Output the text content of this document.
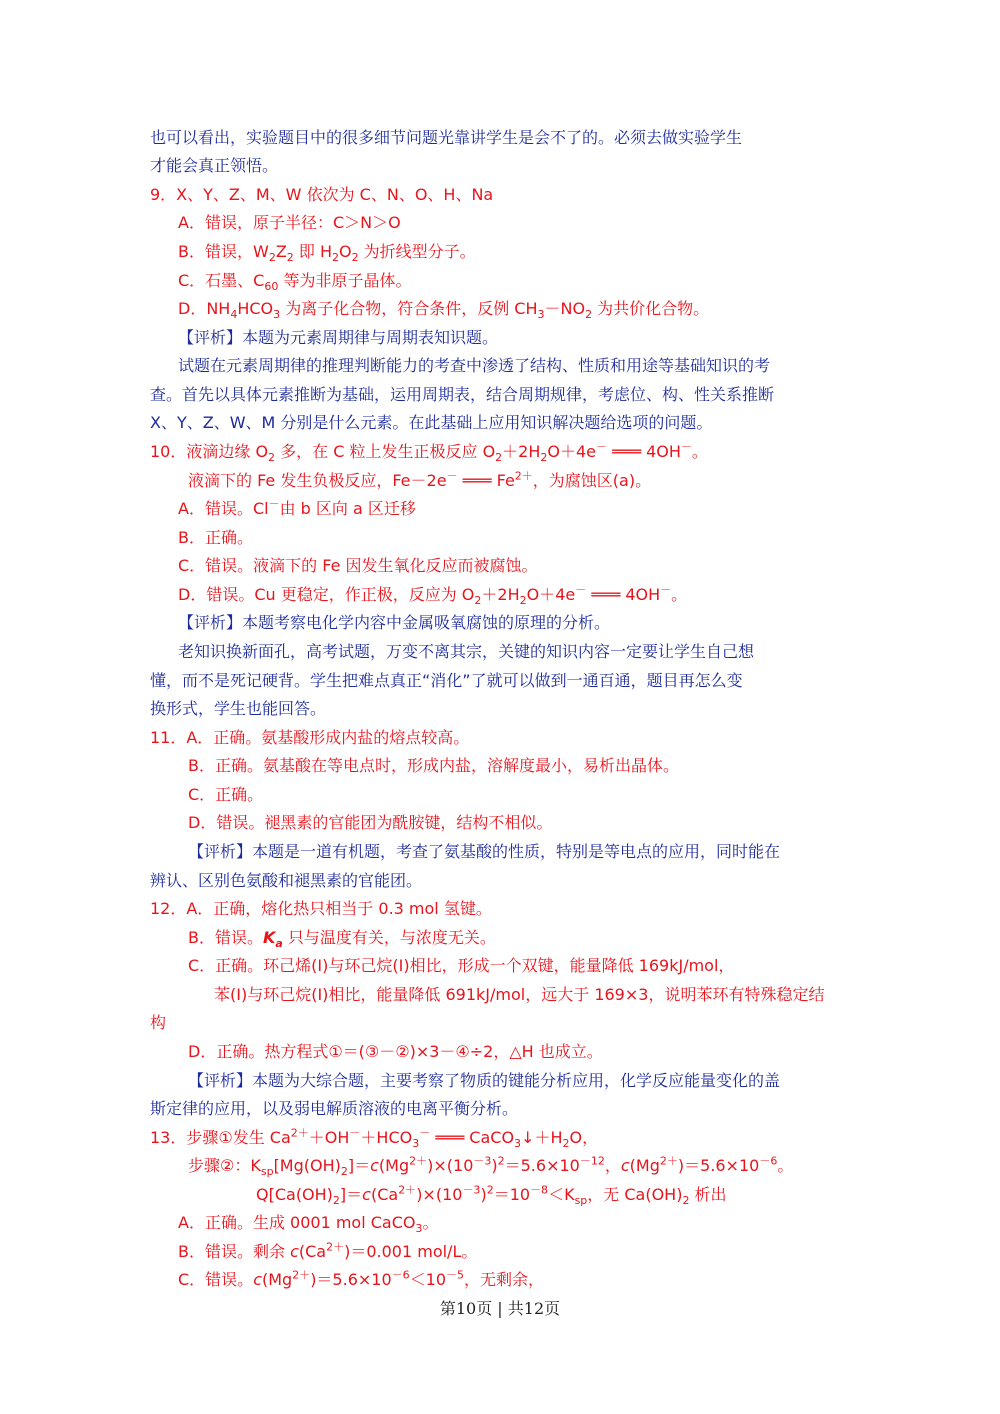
也可以看出，实验题目中的很多细节问题光靠讲学生是会不了的。必须去做实验学生
才能会真正领悟。
9．X、Y、Z、M、W 依次为 C、N、O、H、Na
A．错误，原子半径：C＞N＞O
B．错误，$W_2Z_2$ 即 $H_2O_2$ 为折线型分子。
C．石墨、$C_{60}$ 等为非原子晶体。
D．$NH_4HCO_3$ 为离子化合物，符合条件，反例 $CH_3-NO_2$ 为共价化合物。
【评析】本题为元素周期律与周期表知识题。
试题在元素周期律的推理判断能力的考查中渗透了结构、性质和用途等基础知识的考
查。首先以具体元素推断为基础，运用周期表，结合周期规律，考虑位、构、性关系推断
X、Y、Z、W、M 分别是什么元素。在此基础上应用知识解决题给选项的问题。
10．液滴边缘 $O_2$ 多，在 C 粒上发生正极反应 $O_2+2H_2O+4e^-$ ═══ 4OH－。
液滴下的 Fe 发生负极反应，Fe－2e－ ═══ $Fe^{2+}$，为腐蚀区(a)。
A．错误。Cl－由 b 区向 a 区迁移
B．正确。
C．错误。液滴下的 Fe 因发生氧化反应而被腐蚀。
D．错误。Cu 更稳定，作正极，反应为 $O_2+2H_2O+4e^-$ ═══ 4OH－。
【评析】本题考察电化学内容中金属吸氧腐蚀的原理的分析。
老知识换新面孔，高考试题，万变不离其宗，关键的知识内容一定要让学生自己想
懂，而不是死记硬背。学生把难点真正“消化”了就可以做到一通百通，题目再怎么变
换形式，学生也能回答。
11．A．正确。氨基酸形成内盐的熔点较高。
B．正确。氨基酸在等电点时，形成内盐，溶解度最小，易析出晶体。
C．正确。
D．错误。褪黑素的官能团为酰胺键，结构不相似。
【评析】本题是一道有机题，考查了氨基酸的性质，特别是等电点的应用，同时能在
辨认、区别色氨酸和褪黑素的官能团。
12．A．正确，熔化热只相当于 0.3 mol 氢键。
B．错误。$K_a$ 只与温度有关，与浓度无关。
C．正确。环己烯(I)与环己烷(I)相比，形成一个双键，能量降低 169kJ/mol，
苯(I)与环己烷(I)相比，能量降低 691kJ/mol，远大于 169×3，说明苯环有特殊稳定结
构
D．正确。热方程式①＝(③－②)×3－④÷2，△H 也成立。
【评析】本题为大综合题，主要考察了物质的键能分析应用，化学反应能量变化的盖
斯定律的应用，以及弱电解质溶液的电离平衡分析。
13．步骤①发生 $Ca^{2+}+OH^-+HCO_3^-$ ═══ $CaCO_3↓+H_2O$，
步骤②：$K_{sp}[Mg(OH)_2]=c(Mg^{2+})\times(10^{-3})^2=5.6\times 10^{-12}$，$c(Mg^{2+})=5.6\times 10^{-6}$。
$Q[Ca(OH)_2]=c(Ca^{2+})\times(10^{-3})^2=10^{-8}<K_{sp}$，无 $Ca(OH)_2$ 析出
A．正确。生成 0001 mol CaCO$_3$。
B．错误。剩余 $c(Ca^{2+})=0.001$ mol/L。
C．错误。$c(Mg^{2+})=5.6\times 10^{-6}<10^{-5}$，无剩余，
第10页 | 共12页
